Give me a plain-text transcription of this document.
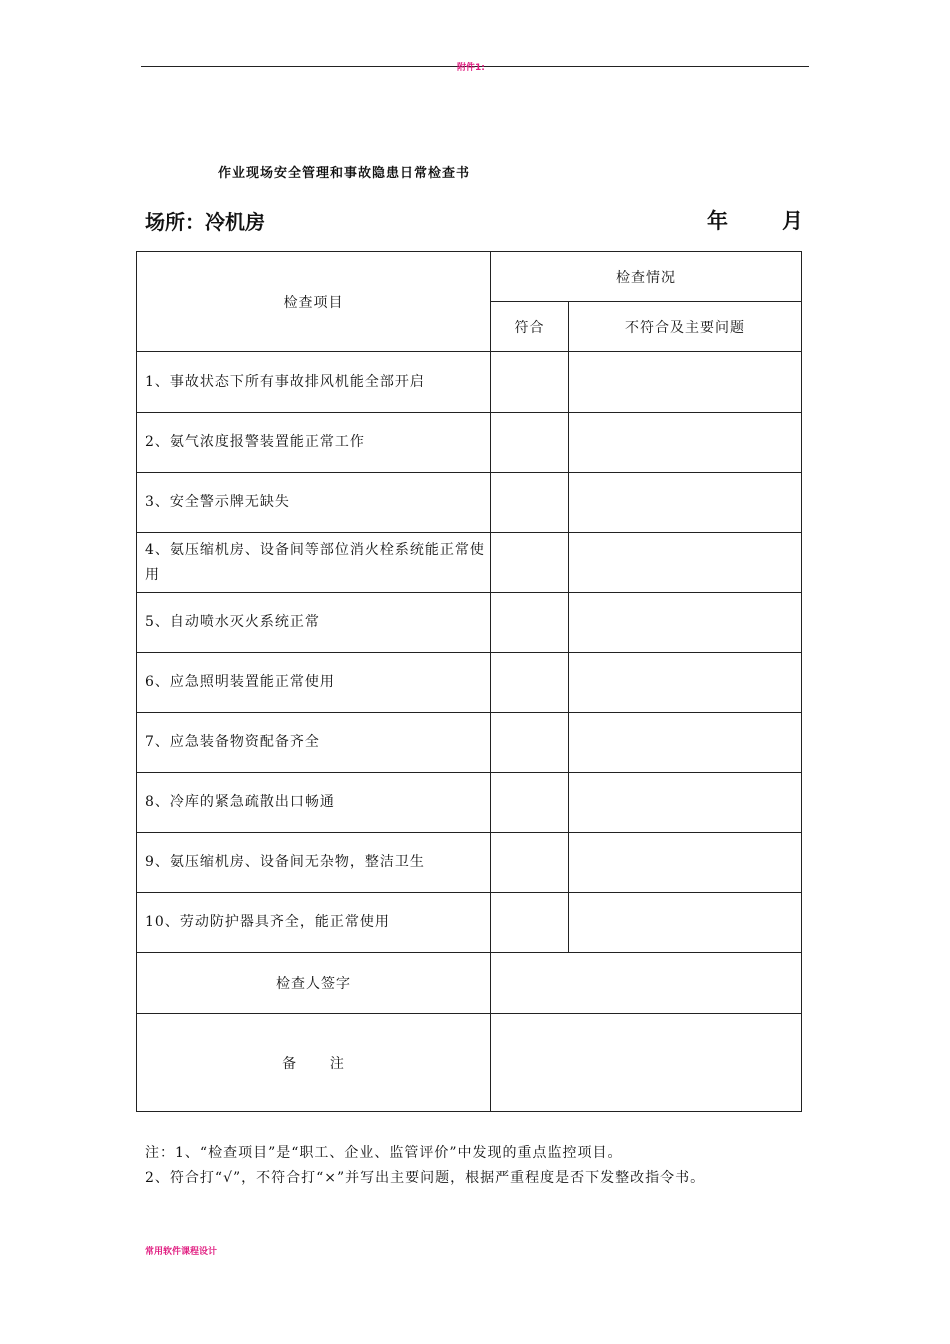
附件1:
作业现场安全管理和事故隐患日常检查书
场所：冷机房	年	月
检查项目	检查情况	
	符合	不符合及主要问题
1、事故状态下所有事故排风机能全部开启		
2、氨气浓度报警装置能正常工作		
3、安全警示牌无缺失		
4、氨压缩机房、设备间等部位消火栓系统能正常使用		
5、自动喷水灭火系统正常		
6、应急照明装置能正常使用		
7、应急装备物资配备齐全		
8、冷库的紧急疏散出口畅通		
9、氨压缩机房、设备间无杂物，整洁卫生		
10、劳动防护器具齐全，能正常使用		
检查人签字		
备      注		
注：1、“检查项目”是“职工、企业、监管评价”中发现的重点监控项目。
2、符合打“√”，不符合打“×”并写出主要问题，根据严重程度是否下发整改指令书。
常用软件课程设计
